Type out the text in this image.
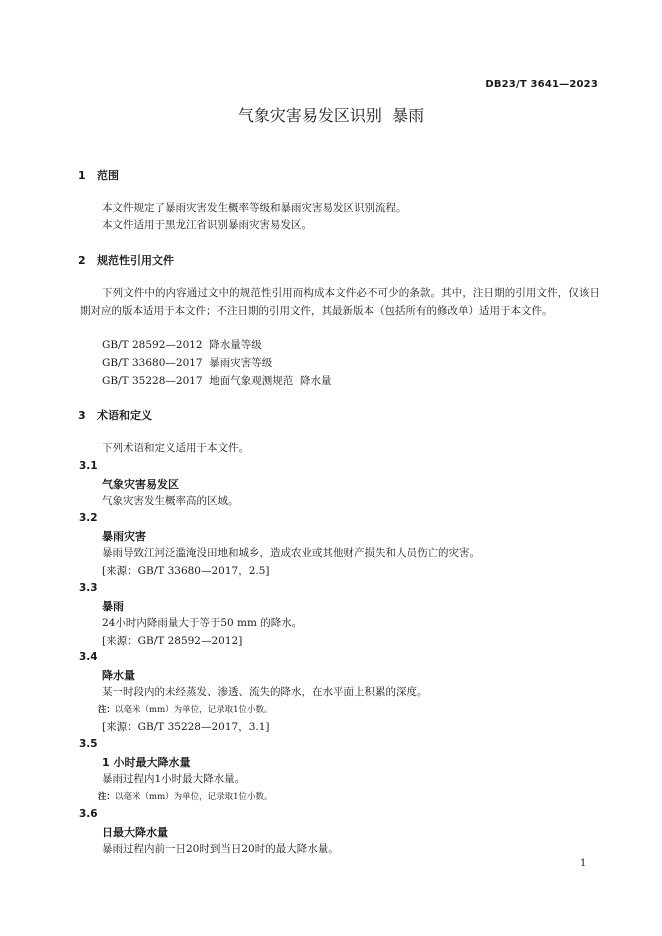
DB23/T 3641—2023
气象灾害易发区识别  暴雨
1 范围
本文件规定了暴雨灾害发生概率等级和暴雨灾害易发区识别流程。
本文件适用于黑龙江省识别暴雨灾害易发区。
2 规范性引用文件
下列文件中的内容通过文中的规范性引用而构成本文件必不可少的条款。其中，注日期的引用文件，仅该日期对应的版本适用于本文件；不注日期的引用文件，其最新版本（包括所有的修改单）适用于本文件。
GB/T 28592—2012  降水量等级
GB/T 33680—2017  暴雨灾害等级
GB/T 35228—2017  地面气象观测规范  降水量
3 术语和定义
下列术语和定义适用于本文件。
3.1
气象灾害易发区
气象灾害发生概率高的区域。
3.2
暴雨灾害
暴雨导致江河泛滥淹没田地和城乡，造成农业或其他财产损失和人员伤亡的灾害。
[来源：GB/T 33680—2017，2.5]
3.3
暴雨
24小时内降雨量大于等于50 mm 的降水。
[来源：GB/T 28592—2012]
3.4
降水量
某一时段内的未经蒸发、渗透、流失的降水，在水平面上积累的深度。
注：以毫米（mm）为单位，记录取1位小数。
[来源：GB/T 35228—2017，3.1]
3.5
1 小时最大降水量
暴雨过程内1小时最大降水量。
注：以毫米（mm）为单位，记录取1位小数。
3.6
日最大降水量
暴雨过程内前一日20时到当日20时的最大降水量。
1
